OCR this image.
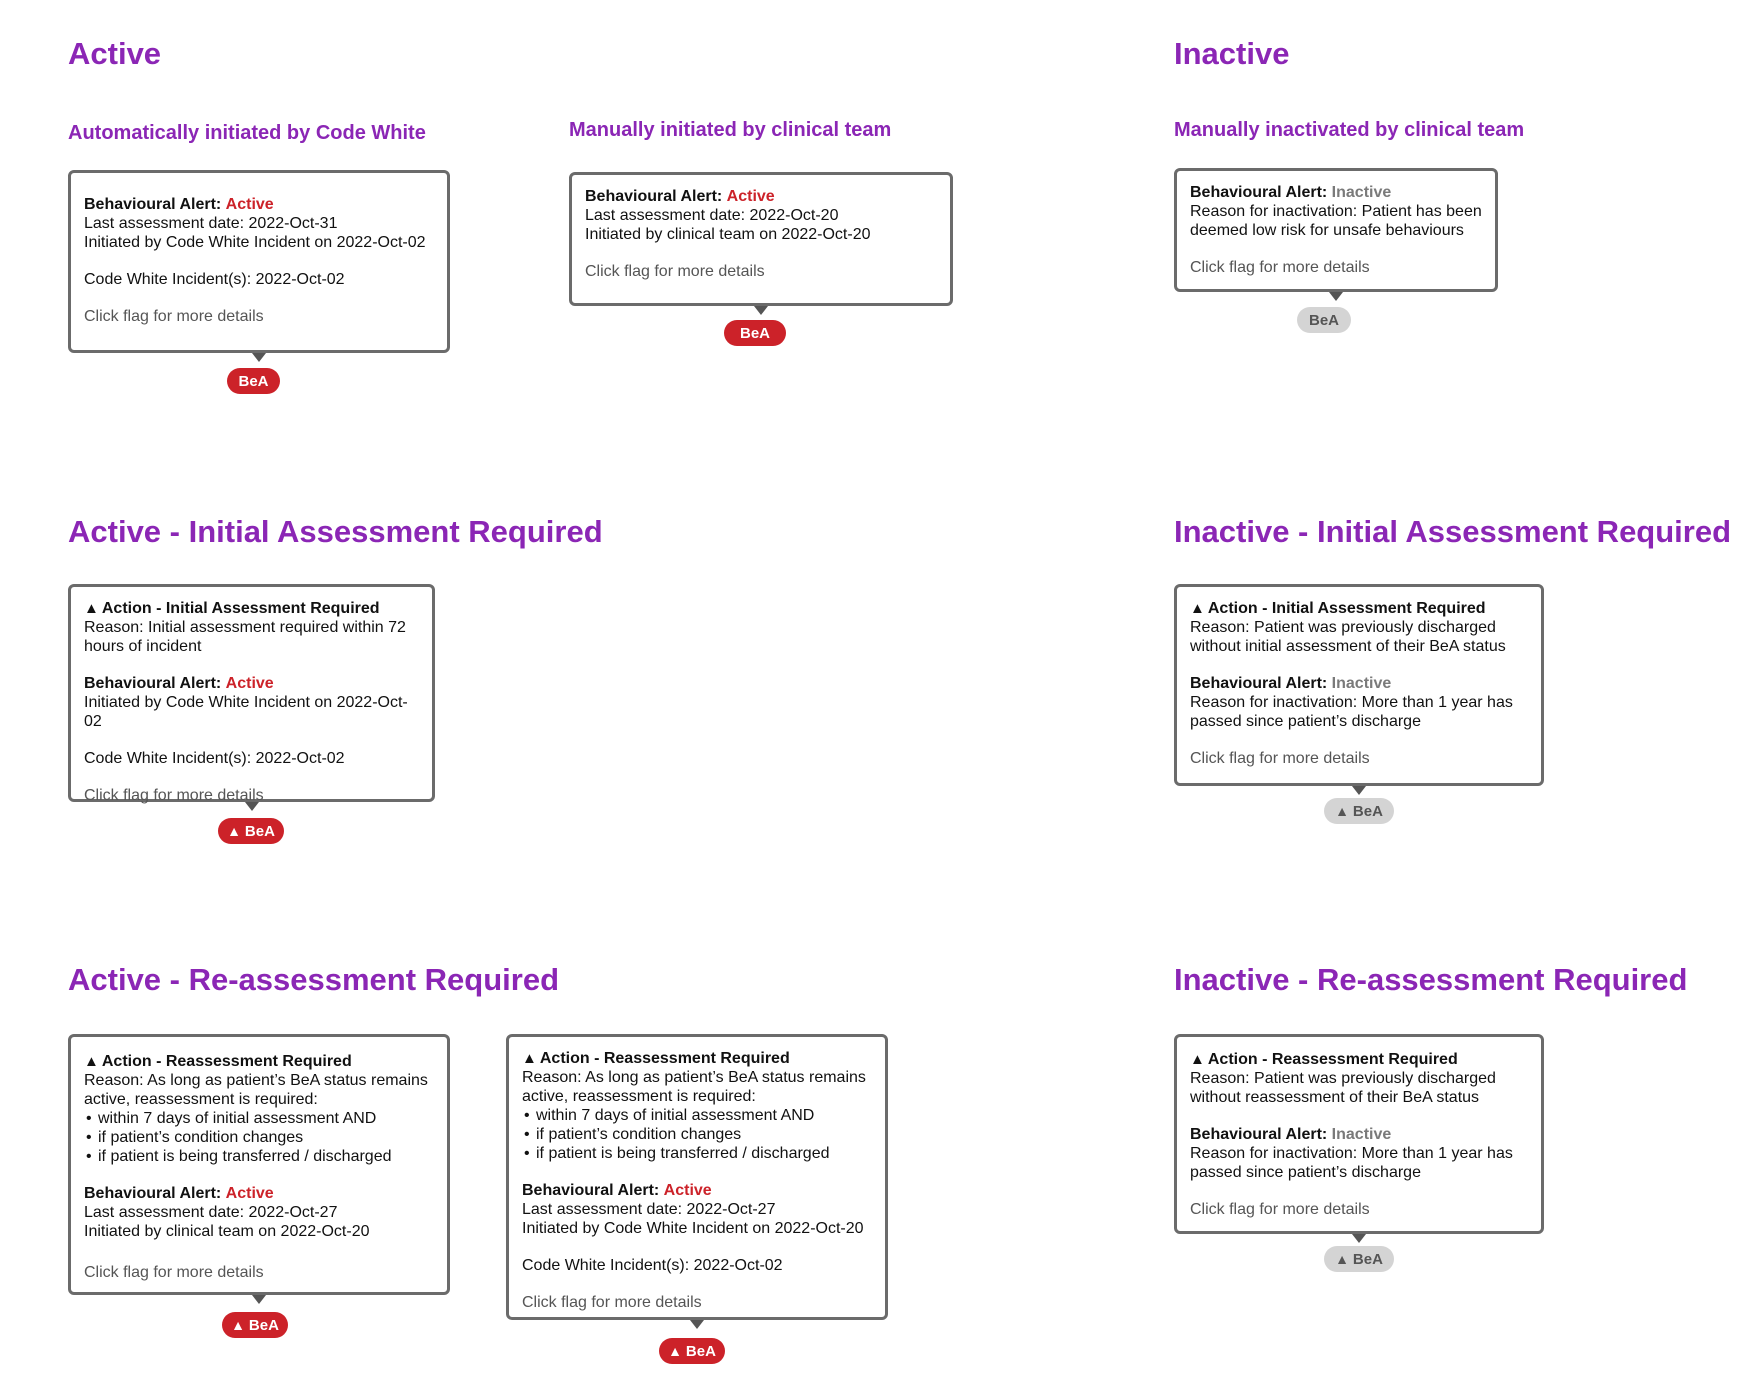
Active	Inactive
Automatically initiated by Code White	Manually initiated by clinical team	Manually inactivated by clinical team
Active - Initial Assessment Required	Inactive - Initial Assessment Required
Active - Re-assessment Required	Inactive - Re-assessment Required
Behavioural Alert: Active
Last assessment date: 2022-Oct-31
Initiated by Code White Incident on 2022-Oct-02
Code White Incident(s): 2022-Oct-02
Click flag for more details
BeA
Behavioural Alert: Active
Last assessment date: 2022-Oct-20
Initiated by clinical team on 2022-Oct-20
Click flag for more details
BeA
Behavioural Alert: Inactive
Reason for inactivation: Patient has been deemed low risk for unsafe behaviours
Click flag for more details
BeA
▲ Action - Initial Assessment Required
Reason: Initial assessment required within 72 hours of incident
Behavioural Alert: Active
Initiated by Code White Incident on 2022-Oct-02
Code White Incident(s): 2022-Oct-02
Click flag for more details
▲ BeA
▲ Action - Initial Assessment Required
Reason: Patient was previously discharged without initial assessment of their BeA status
Behavioural Alert: Inactive
Reason for inactivation: More than 1 year has passed since patient’s discharge
Click flag for more details
▲ BeA
▲ Action - Reassessment Required
Reason: As long as patient’s BeA status remains active, reassessment is required:
• within 7 days of initial assessment AND
• if patient’s condition changes
• if patient is being transferred / discharged
Behavioural Alert: Active
Last assessment date: 2022-Oct-27
Initiated by clinical team on 2022-Oct-20
Click flag for more details
▲ BeA
▲ Action - Reassessment Required
Reason: As long as patient’s BeA status remains active, reassessment is required:
• within 7 days of initial assessment AND
• if patient’s condition changes
• if patient is being transferred / discharged
Behavioural Alert: Active
Last assessment date: 2022-Oct-27
Initiated by Code White Incident on 2022-Oct-20
Code White Incident(s): 2022-Oct-02
Click flag for more details
▲ BeA
▲ Action - Reassessment Required
Reason: Patient was previously discharged without reassessment of their BeA status
Behavioural Alert: Inactive
Reason for inactivation: More than 1 year has passed since patient’s discharge
Click flag for more details
▲ BeA
